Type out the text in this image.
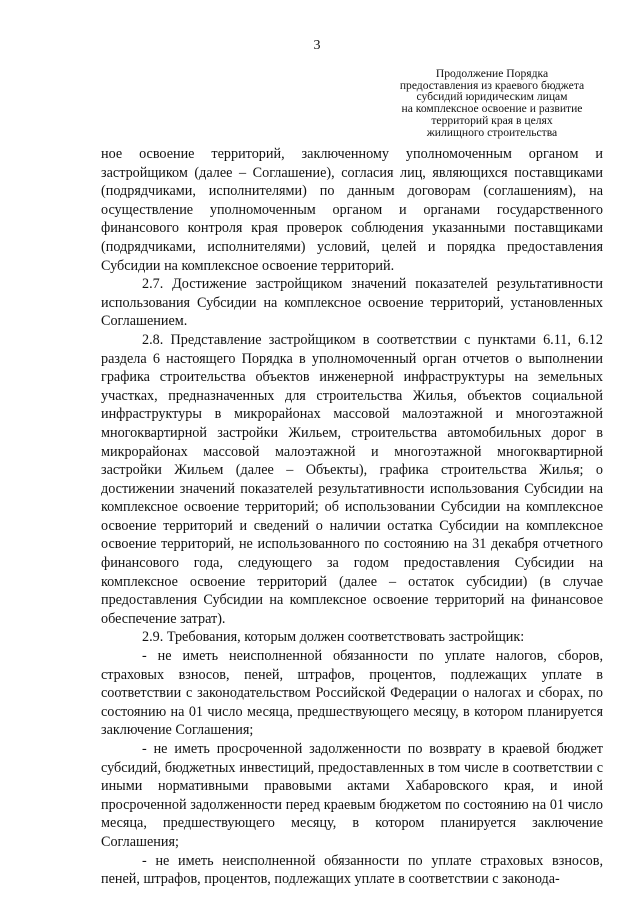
3
Продолжение Порядка
предоставления из краевого бюджета
субсидий юридическим лицам
на комплексное освоение и развитие
территорий края в целях
жилищного строительства

ное освоение территорий, заключенному уполномоченным органом и застройщиком (далее – Соглашение), согласия лиц, являющихся поставщиками (подрядчиками, исполнителями) по данным договорам (соглашениям), на осуществление уполномоченным органом и органами государственного финансового контроля края проверок соблюдения указанными поставщиками (подрядчиками, исполнителями) условий, целей и порядка предоставления Субсидии на комплексное освоение территорий.

2.7. Достижение застройщиком значений показателей результативности использования Субсидии на комплексное освоение территорий, установленных Соглашением.

2.8. Представление застройщиком в соответствии с пунктами 6.11, 6.12 раздела 6 настоящего Порядка в уполномоченный орган отчетов о выполнении графика строительства объектов инженерной инфраструктуры на земельных участках, предназначенных для строительства Жилья, объектов социальной инфраструктуры в микрорайонах массовой малоэтажной и многоэтажной многоквартирной застройки Жильем, строительства автомобильных дорог в микрорайонах массовой малоэтажной и многоэтажной многоквартирной застройки Жильем (далее – Объекты), графика строительства Жилья; о достижении значений показателей результативности использования Субсидии на комплексное освоение территорий; об использовании Субсидии на комплексное освоение территорий и сведений о наличии остатка Субсидии на комплексное освоение территорий, не использованного по состоянию на 31 декабря отчетного финансового года, следующего за годом предоставления Субсидии на комплексное освоение территорий (далее – остаток субсидии) (в случае предоставления Субсидии на комплексное освоение территорий на финансовое обеспечение затрат).

2.9. Требования, которым должен соответствовать застройщик:

- не иметь неисполненной обязанности по уплате налогов, сборов, страховых взносов, пеней, штрафов, процентов, подлежащих уплате в соответствии с законодательством Российской Федерации о налогах и сборах, по состоянию на 01 число месяца, предшествующего месяцу, в котором планируется заключение Соглашения;

- не иметь просроченной задолженности по возврату в краевой бюджет субсидий, бюджетных инвестиций, предоставленных в том числе в соответствии с иными нормативными правовыми актами Хабаровского края, и иной просроченной задолженности перед краевым бюджетом по состоянию на 01 число месяца, предшествующего месяцу, в котором планируется заключение Соглашения;

- не иметь неисполненной обязанности по уплате страховых взносов, пеней, штрафов, процентов, подлежащих уплате в соответствии с законода-
